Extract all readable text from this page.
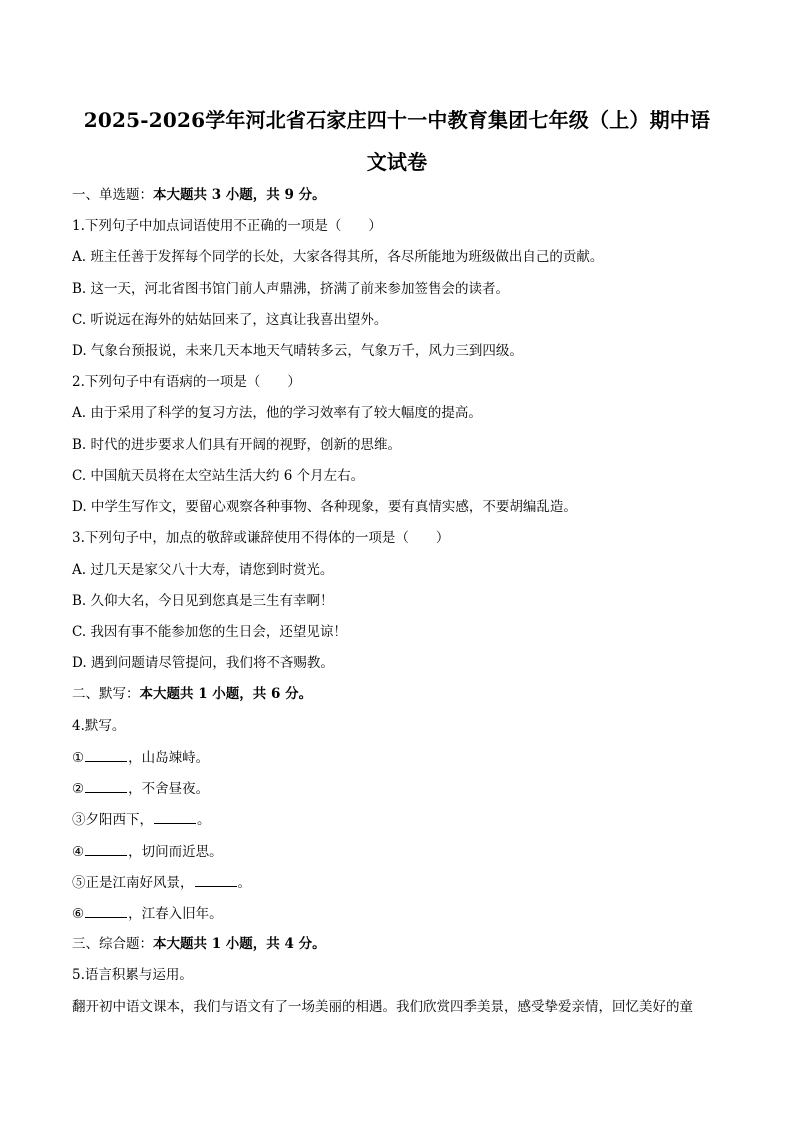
2025-2026学年河北省石家庄四十一中教育集团七年级（上）期中语
文试卷
一、单选题：本大题共 3 小题，共 9 分。
1.下列句子中加点词语使用不正确的一项是（　　）
A. 班主任善于发挥每个同学的长处，大家各得其所，各尽所能地为班级做出自己的贡献。
B. 这一天，河北省图书馆门前人声鼎沸，挤满了前来参加签售会的读者。
C. 听说远在海外的姑姑回来了，这真让我喜出望外。
D. 气象台预报说，未来几天本地天气晴转多云，气象万千，风力三到四级。
2.下列句子中有语病的一项是（　　）
A. 由于采用了科学的复习方法，他的学习效率有了较大幅度的提高。
B. 时代的进步要求人们具有开阔的视野，创新的思维。
C. 中国航天员将在太空站生活大约 6 个月左右。
D. 中学生写作文，要留心观察各种事物、各种现象，要有真情实感，不要胡编乱造。
3.下列句子中，加点的敬辞或谦辞使用不得体的一项是（　　）
A. 过几天是家父八十大寿，请您到时赏光。
B. 久仰大名，今日见到您真是三生有幸啊！
C. 我因有事不能参加您的生日会，还望见谅！
D. 遇到问题请尽管提问，我们将不吝赐教。
二、默写：本大题共 1 小题，共 6 分。
4.默写。
①	，山岛竦峙。
②	，不舍昼夜。
③夕阳西下，	。
④	，切问而近思。
⑤正是江南好风景，	。
⑥	，江春入旧年。
三、综合题：本大题共 1 小题，共 4 分。
5.语言积累与运用。
翻开初中语文课本，我们与语文有了一场美丽的相遇。我们欣赏四季美景，感受挚爱亲情，回忆美好的童
